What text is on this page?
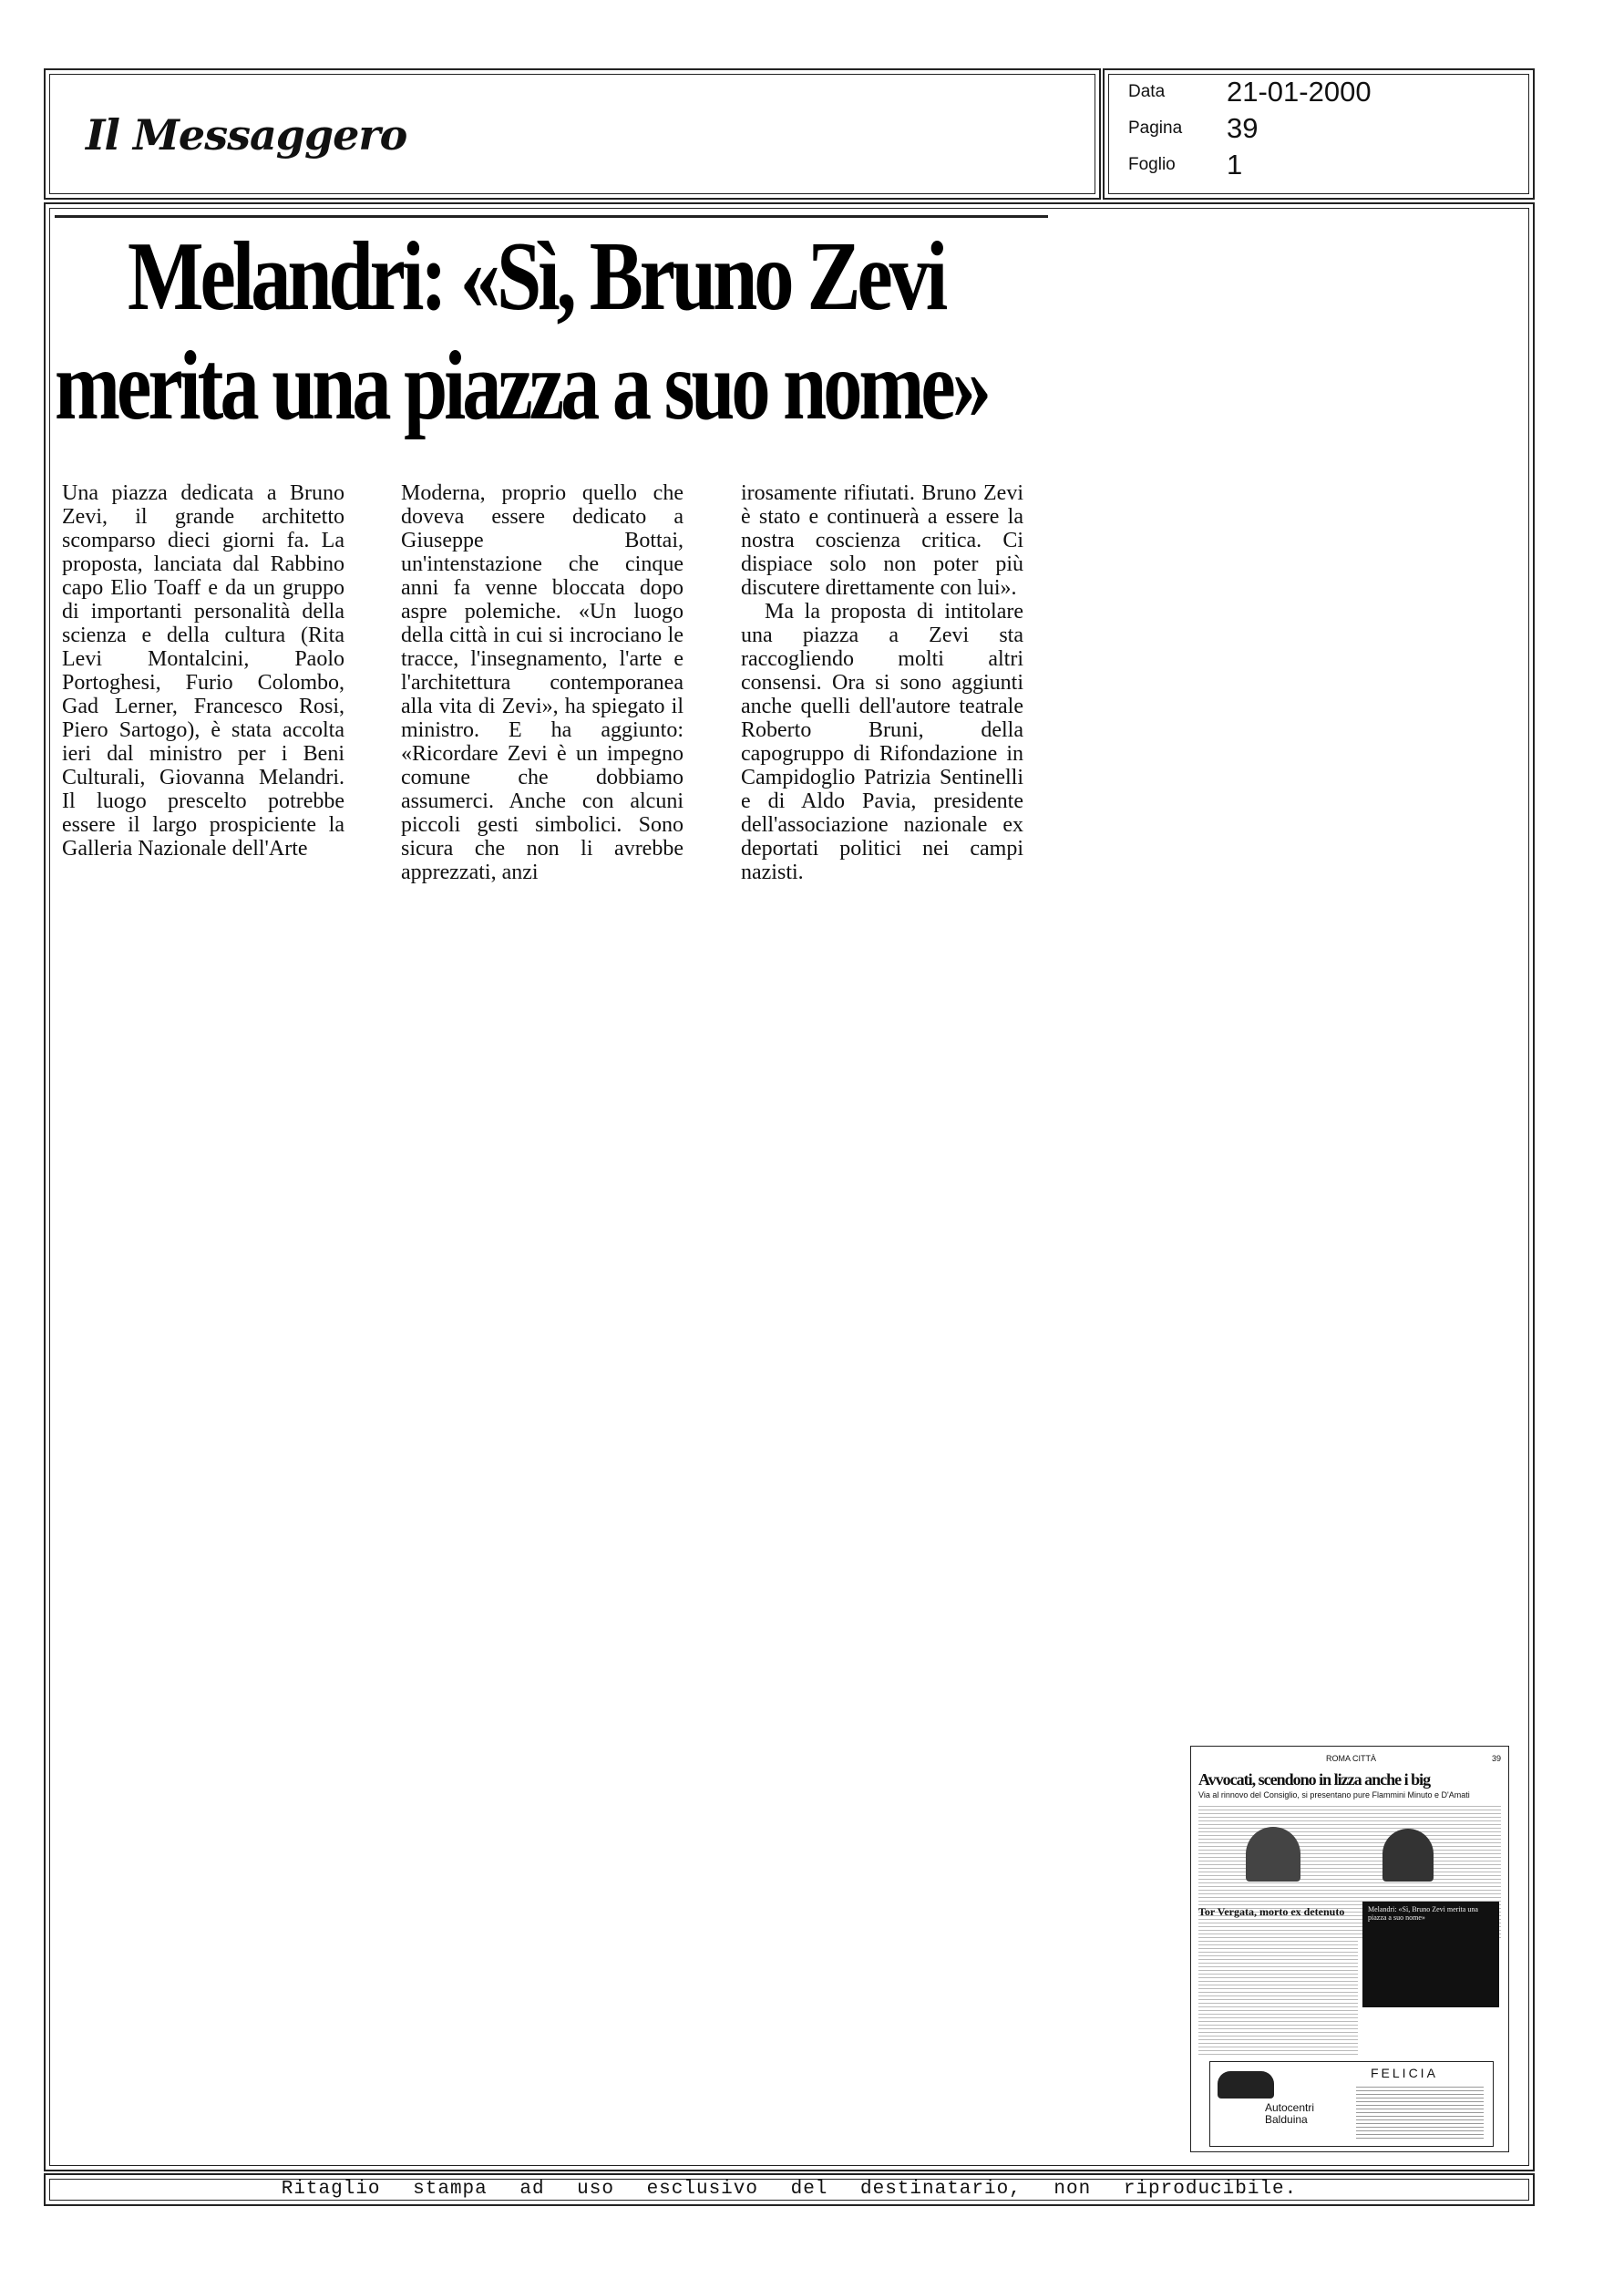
Il Messaggero
Data	21-01-2000
Pagina	39
Foglio	1
Melandri: «Sì, Bruno Zevi
merita una piazza a suo nome»

Una piazza dedicata a Bruno Zevi, il grande architetto scomparso dieci giorni fa. La proposta, lanciata dal Rabbino capo Elio Toaff e da un gruppo di importanti personalità della scienza e della cultura (Rita Levi Montalcini, Paolo Portoghesi, Furio Colombo, Gad Lerner, Francesco Rosi, Piero Sartogo), è stata accolta ieri dal ministro per i Beni Culturali, Giovanna Melandri. Il luogo prescelto potrebbe essere il largo prospiciente la Galleria Nazionale dell'Arte

Moderna, proprio quello che doveva essere dedicato a Giuseppe Bottai, un'intenstazione che cinque anni fa venne bloccata dopo aspre polemiche. «Un luogo della città in cui si incrociano le tracce, l'insegnamento, l'arte e l'architettura contemporanea alla vita di Zevi», ha spiegato il ministro. E ha aggiunto: «Ricordare Zevi è un impegno comune che dobbiamo assumerci. Anche con alcuni piccoli gesti simbolici. Sono sicura che non li avrebbe apprezzati, anzi

irosamente rifiutati. Bruno Zevi è stato e continuerà a essere la nostra coscienza critica. Ci dispiace solo non poter più discutere direttamente con lui».

Ma la proposta di intitolare una piazza a Zevi sta raccogliendo molti altri consensi. Ora si sono aggiunti anche quelli dell'autore teatrale Roberto Bruni, della capogruppo di Rifondazione in Campidoglio Patrizia Sentinelli e di Aldo Pavia, presidente dell'associazione nazionale ex deportati politici nei campi nazisti.

ROMA CITTÀ	39
Avvocati, scendono in lizza anche i big
Via al rinnovo del Consiglio, si presentano pure Flammini Minuto e D'Amati
Tor Vergata, morto ex detenuto	Melandri: «Sì, Bruno Zevi merita una piazza a suo nome»
FELICIA
Autocentri
Balduina
Ritaglio stampa ad uso esclusivo del destinatario, non riproducibile.
